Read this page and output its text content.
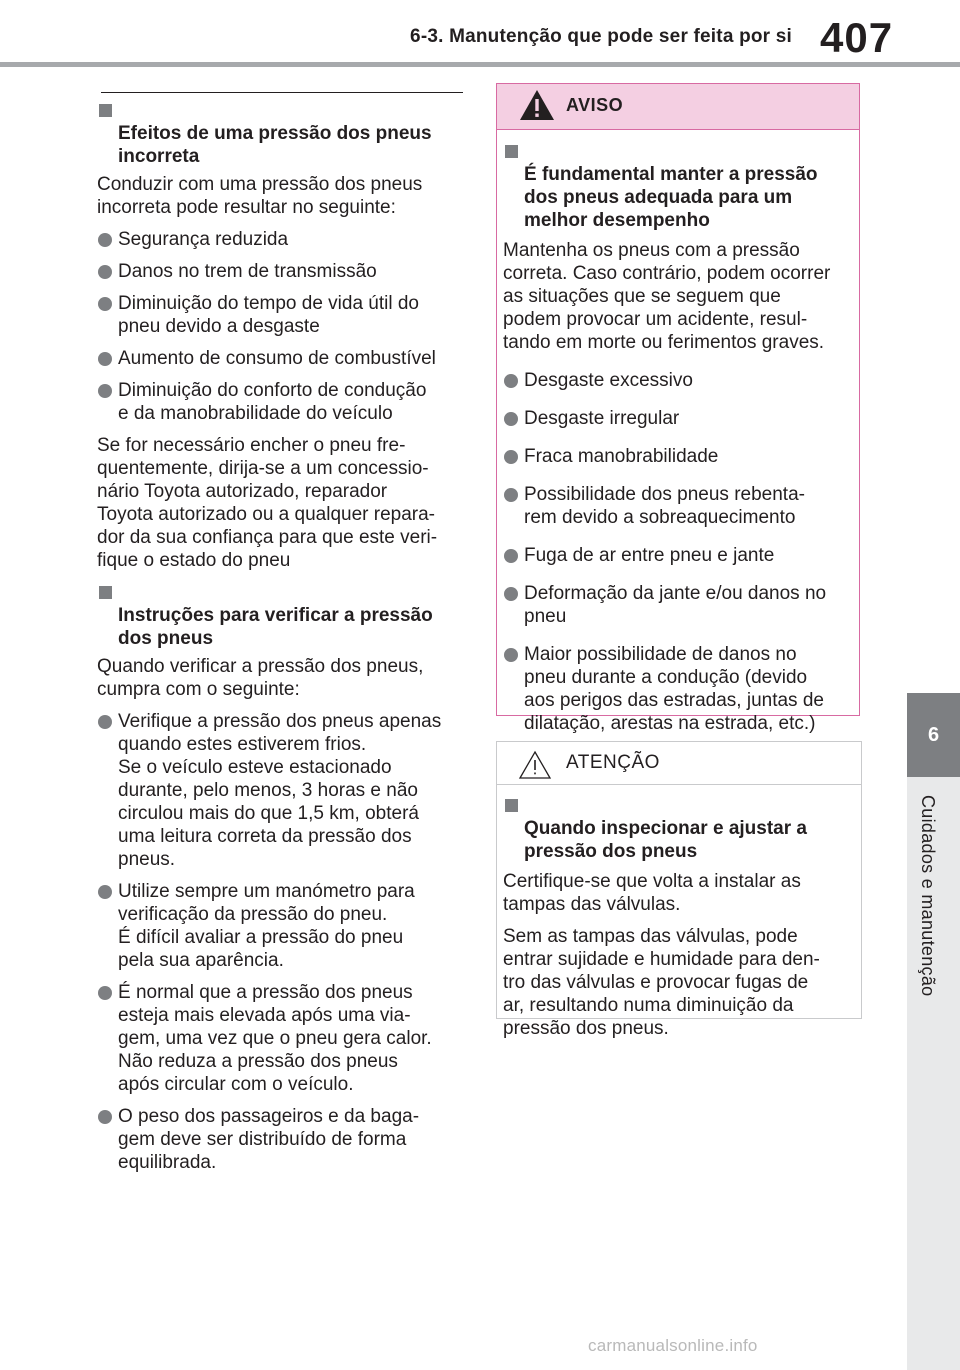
6-3. Manutenção que pode ser feita por si 407
6
Cuidados e manutenção

Efeitos de uma pressão dos pneus
incorreta

Conduzir com uma pressão dos pneus
incorreta pode resultar no seguinte:
Segurança reduzida
Danos no trem de transmissão
Diminuição do tempo de vida útil do
pneu devido a desgaste
Aumento de consumo de combustível
Diminuição do conforto de condução
e da manobrabilidade do veículo
Se for necessário encher o pneu fre-
quentemente, dirija-se a um concessio-
nário Toyota autorizado, reparador
Toyota autorizado ou a qualquer repara-
dor da sua confiança para que este veri-
fique o estado do pneu

Instruções para verificar a pressão
dos pneus

Quando verificar a pressão dos pneus,
cumpra com o seguinte:
Verifique a pressão dos pneus apenas
quando estes estiverem frios.
Se o veículo esteve estacionado
durante, pelo menos, 3 horas e não
circulou mais do que 1,5 km, obterá
uma leitura correta da pressão dos
pneus.
Utilize sempre um manómetro para
verificação da pressão do pneu.
É difícil avaliar a pressão do pneu
pela sua aparência.
É normal que a pressão dos pneus
esteja mais elevada após uma via-
gem, uma vez que o pneu gera calor.
Não reduza a pressão dos pneus
após circular com o veículo.
O peso dos passageiros e da baga-
gem deve ser distribuído de forma
equilibrada.
AVISO

É fundamental manter a pressão
dos pneus adequada para um
melhor desempenho

Mantenha os pneus com a pressão
correta. Caso contrário, podem ocorrer
as situações que se seguem que
podem provocar um acidente, resul-
tando em morte ou ferimentos graves.
Desgaste excessivo
Desgaste irregular
Fraca manobrabilidade
Possibilidade dos pneus rebenta-
rem devido a sobreaquecimento
Fuga de ar entre pneu e jante
Deformação da jante e/ou danos no
pneu
Maior possibilidade de danos no
pneu durante a condução (devido
aos perigos das estradas, juntas de
dilatação, arestas na estrada, etc.)
ATENÇÃO

Quando inspecionar e ajustar a
pressão dos pneus

Certifique-se que volta a instalar as
tampas das válvulas.
Sem as tampas das válvulas, pode
entrar sujidade e humidade para den-
tro das válvulas e provocar fugas de
ar, resultando numa diminuição da
pressão dos pneus.
carmanualsonline.info
